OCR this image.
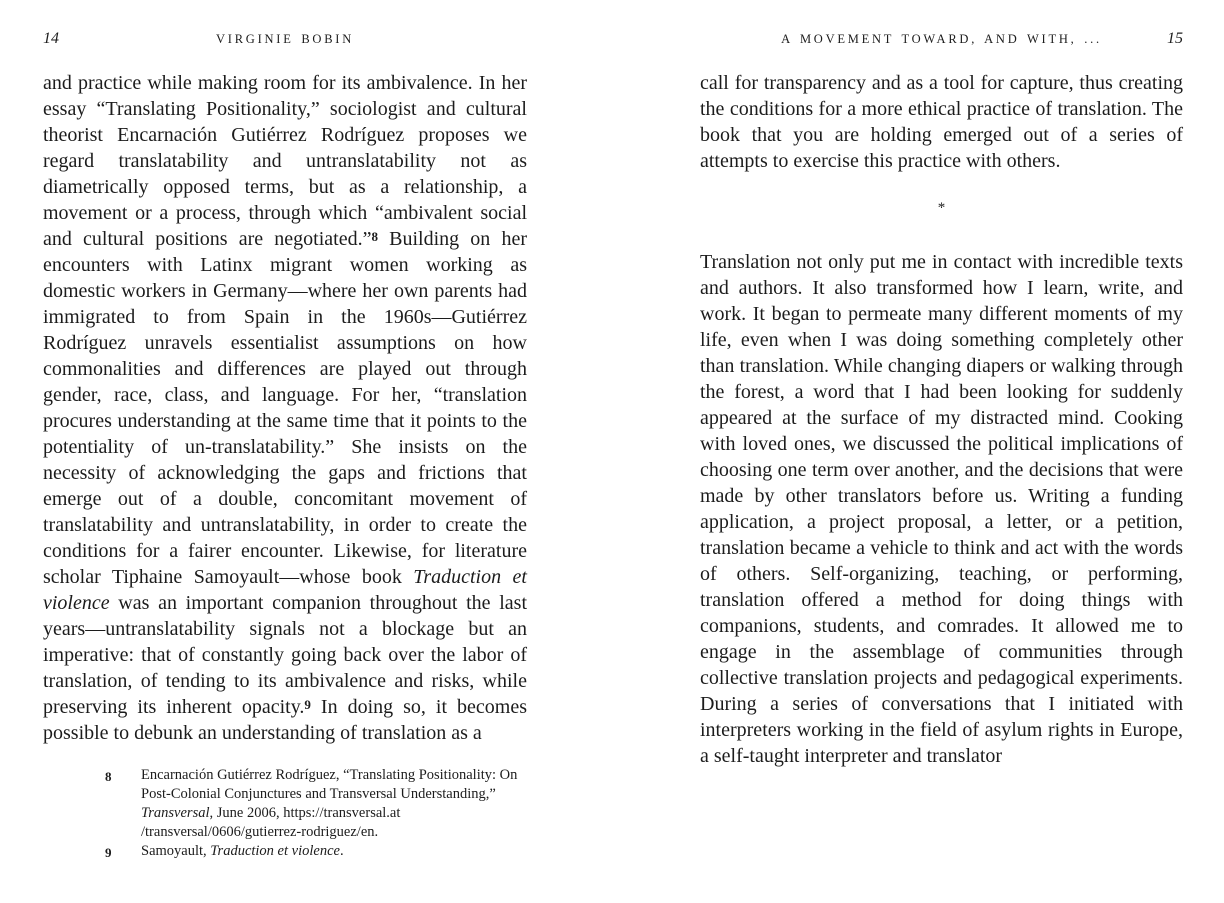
14	VIRGINIE BOBIN

and practice while making room for its ambivalence. In her essay “Translating Positionality,” sociologist and cultural theorist Encarnación Gutiérrez Rodríguez proposes we regard translatability and untranslatability not as diametrically opposed terms, but as a relationship, a movement or a process, through which “ambivalent social and cultural positions are negotiated.”8 Building on her encounters with Latinx migrant women working as domestic workers in Germany—where her own parents had immigrated to from Spain in the 1960s—Gutiérrez Rodríguez unravels essentialist assumptions on how commonalities and differences are played out through gender, race, class, and language. For her, “translation procures understanding at the same time that it points to the potentiality of un-translatability.” She insists on the necessity of acknowledging the gaps and frictions that emerge out of a double, concomitant movement of translatability and untranslatability, in order to create the conditions for a fairer encounter. Likewise, for literature scholar Tiphaine Samoyault—whose book Traduction et violence was an important companion throughout the last years—untranslatability signals not a blockage but an imperative: that of constantly going back over the labor of translation, of tending to its ambivalence and risks, while preserving its inherent opacity.9 In doing so, it becomes possible to debunk an understanding of translation as a

8	Encarnación Gutiérrez Rodríguez, “Translating Positionality: On Post-Colonial Conjunctures and Transversal Understanding,” Transversal, June 2006, https://transversal.at /transversal/0606/gutierrez-rodriguez/en.
9	Samoyault, Traduction et violence.
A MOVEMENT TOWARD, AND WITH, ...	15

call for transparency and as a tool for capture, thus creating the conditions for a more ethical practice of translation. The book that you are holding emerged out of a series of attempts to exercise this practice with others.

*

Translation not only put me in contact with incredible texts and authors. It also transformed how I learn, write, and work. It began to permeate many different moments of my life, even when I was doing something completely other than translation. While changing diapers or walking through the forest, a word that I had been looking for suddenly appeared at the surface of my distracted mind. Cooking with loved ones, we discussed the political implications of choosing one term over another, and the decisions that were made by other translators before us. Writing a funding application, a project proposal, a letter, or a petition, translation became a vehicle to think and act with the words of others. Self-organizing, teaching, or performing, translation offered a method for doing things with companions, students, and comrades. It allowed me to engage in the assemblage of communities through collective translation projects and pedagogical experiments. During a series of conversations that I initiated with interpreters working in the field of asylum rights in Europe, a self-taught interpreter and translator
